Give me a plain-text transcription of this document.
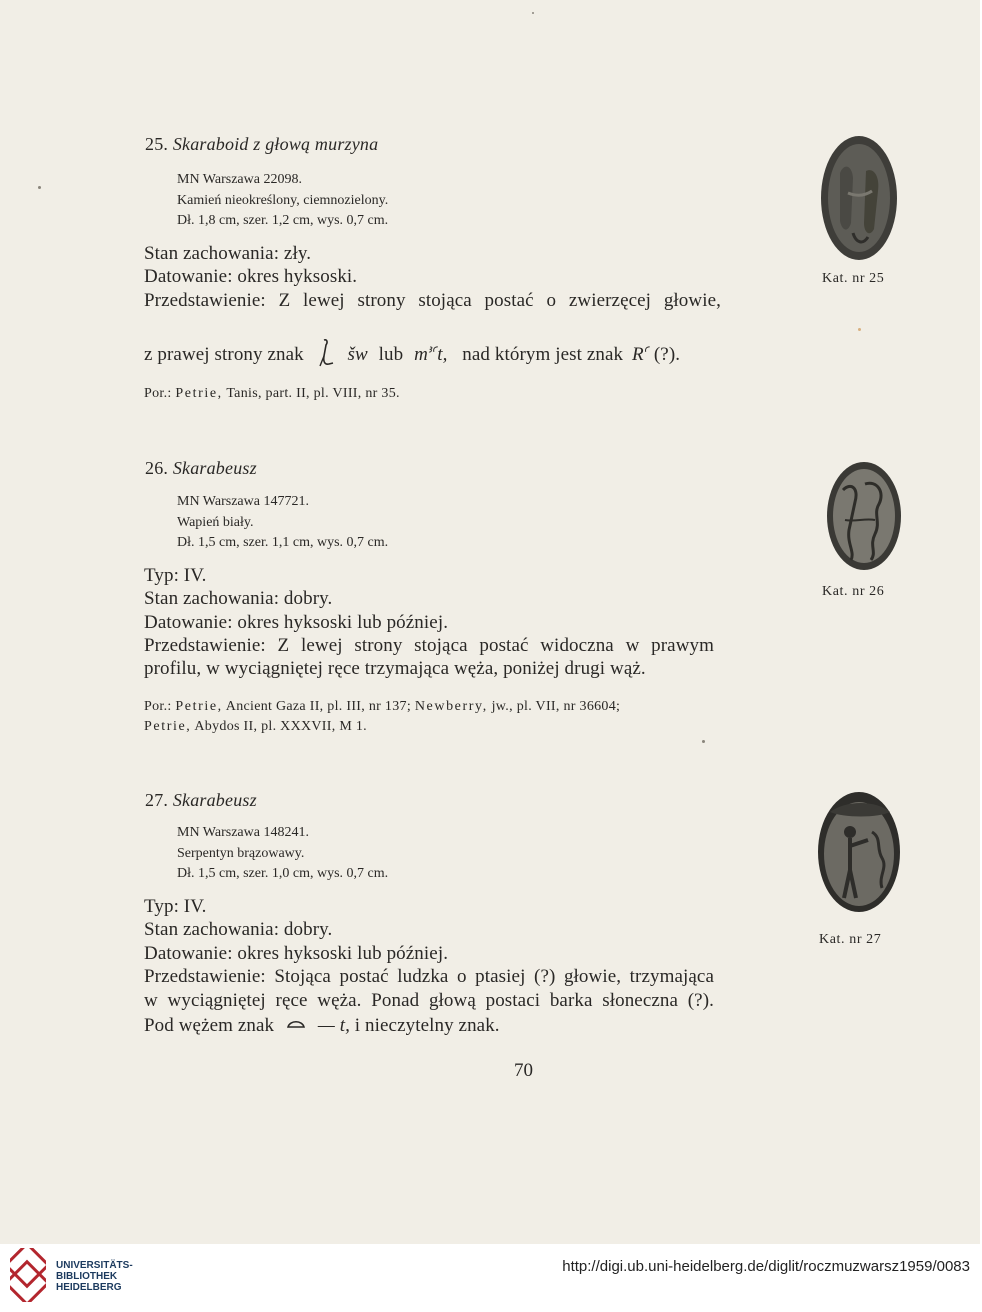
25. Skaraboid z głową murzyna
MN Warszawa 22098.
Kamień nieokreślony, ciemnozielony.
Dł. 1,8 cm, szer. 1,2 cm, wys. 0,7 cm.
Stan zachowania: zły.
Datowanie: okres hyksoski.
Przedstawienie: Z lewej strony stojąca postać o zwierzęcej głowie,
z prawej strony znak šw lub $m^{ꜣꜥ}t$, nad którym jest znak $R^ꜥ$ (?).
Por.: Petrie, Tanis, part. II, pl. VIII, nr 35.
Kat. nr 25
26. Skarabeusz
MN Warszawa 147721.
Wapień biały.
Dł. 1,5 cm, szer. 1,1 cm, wys. 0,7 cm.
Typ: IV.
Stan zachowania: dobry.
Datowanie: okres hyksoski lub później.
Przedstawienie: Z lewej strony stojąca postać widoczna w prawym
profilu, w wyciągniętej ręce trzymająca węża, poniżej drugi wąż.
Por.: Petrie, Ancient Gaza II, pl. III, nr 137; Newberry, jw., pl. VII, nr 36604;
Petrie, Abydos II, pl. XXXVII, M 1.
Kat. nr 26
27. Skarabeusz
MN Warszawa 148241.
Serpentyn brązowawy.
Dł. 1,5 cm, szer. 1,0 cm, wys. 0,7 cm.
Typ: IV.
Stan zachowania: dobry.
Datowanie: okres hyksoski lub później.
Przedstawienie: Stojąca postać ludzka o ptasiej (?) głowie, trzymająca
w wyciągniętej ręce węża. Ponad głową postaci barka słoneczna (?).
Pod wężem znak — t, i nieczytelny znak.
Kat. nr 27
70
UNIVERSITÄTS-
BIBLIOTHEK
HEIDELBERG
http://digi.ub.uni-heidelberg.de/diglit/roczmuzwarsz1959/0083
